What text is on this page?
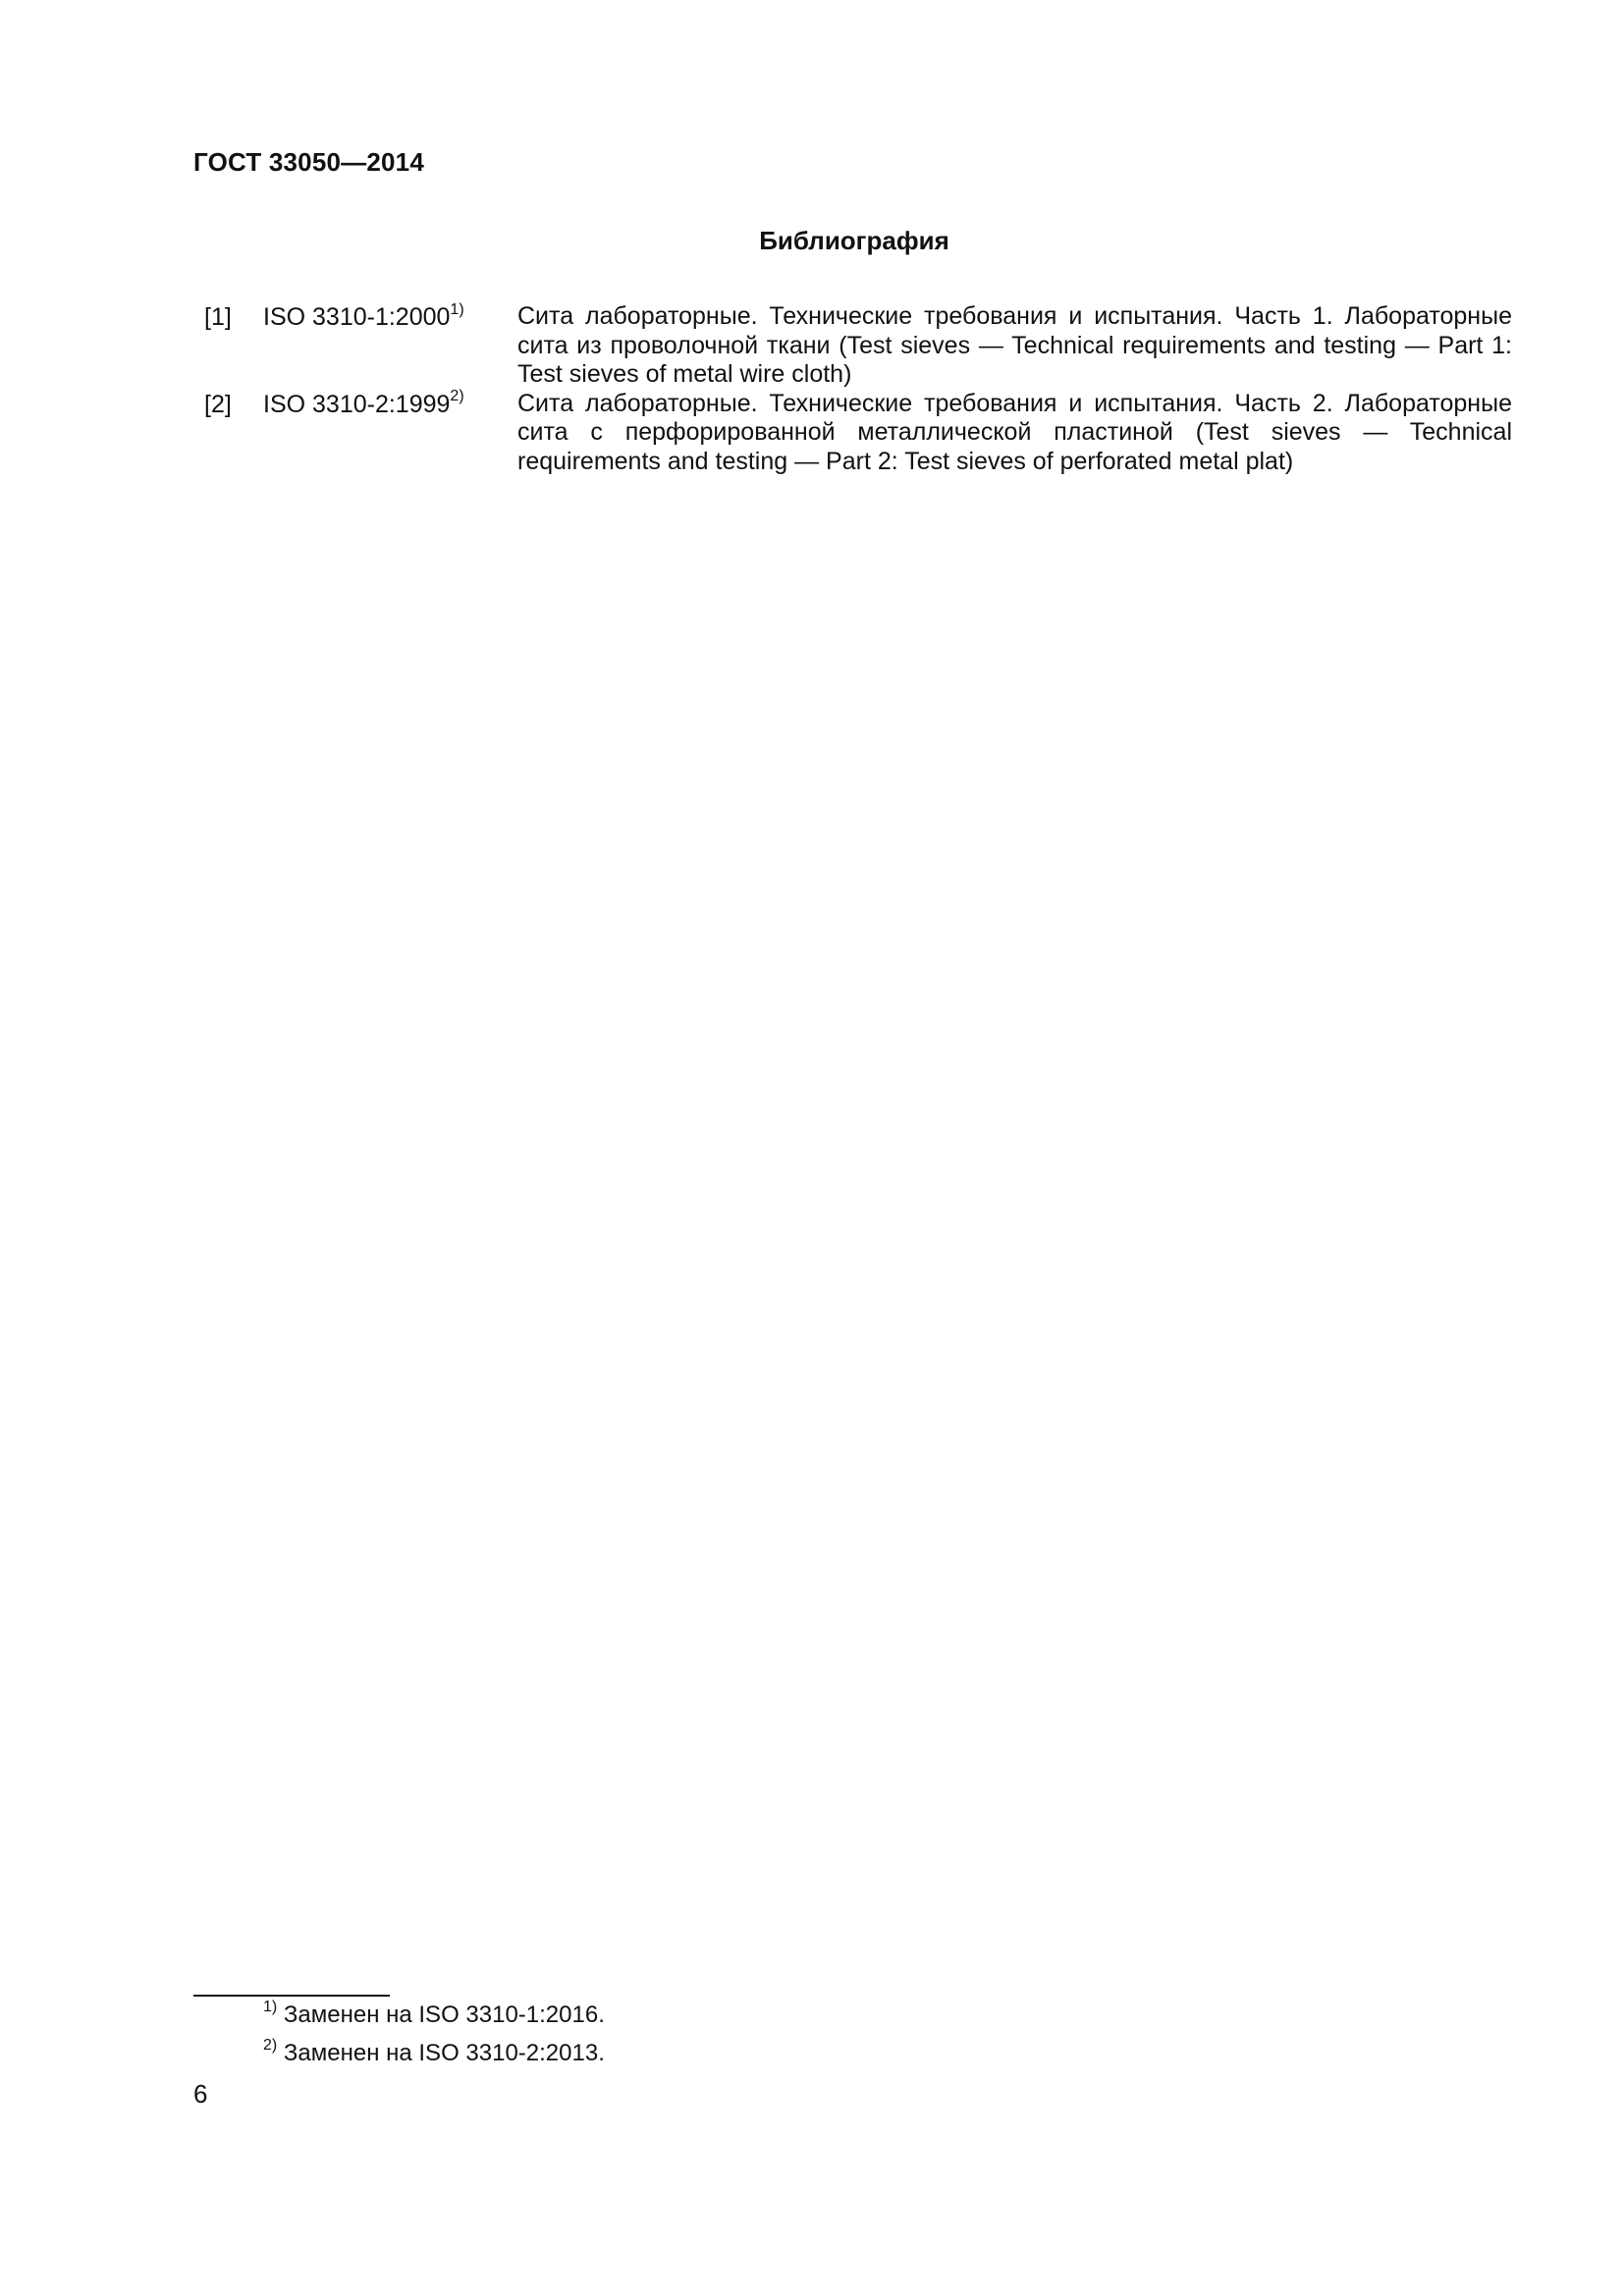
ГОСТ 33050—2014
Библиография
[1] ISO 3310-1:2000$^{1)}$ Сита лабораторные. Технические требования и испытания. Часть 1. Лабораторные сита из проволочной ткани (Test sieves — Technical requirements and testing — Part 1: Test sieves of metal wire cloth)
[2] ISO 3310-2:1999$^{2)}$ Сита лабораторные. Технические требования и испытания. Часть 2. Лабораторные сита с перфорированной металлической пластиной (Test sieves — Technical requirements and testing — Part 2: Test sieves of perforated metal plat)
$^{1)}$ Заменен на ISO 3310-1:2016.
$^{2)}$ Заменен на ISO 3310-2:2013.
6
